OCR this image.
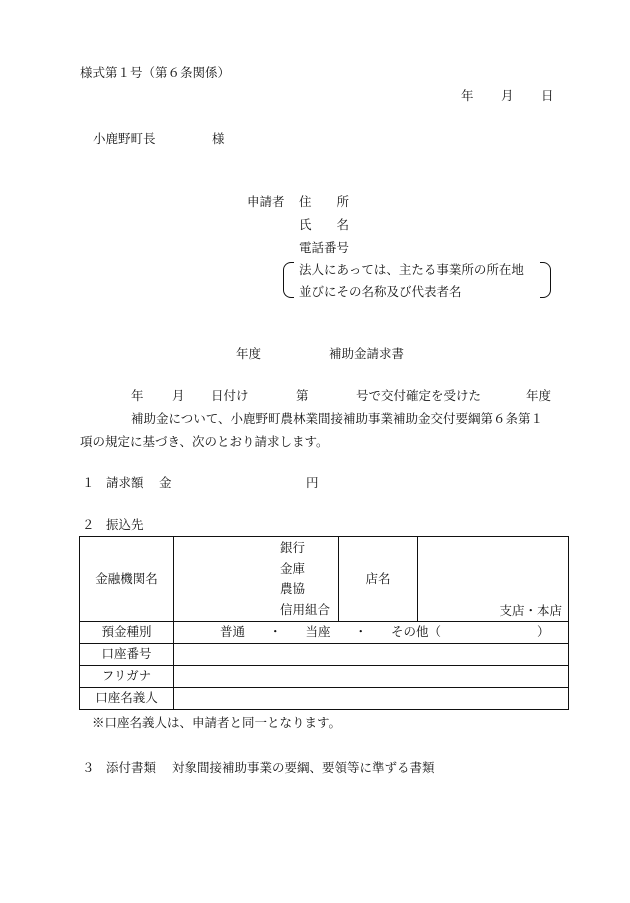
様式第１号（第６条関係）
年 月 日
小鹿野町長	様
申請者 住　　所
氏　　名
電話番号
法人にあっては、主たる事業所の所在地
並びにその名称及び代表者名
年度	補助金請求書
年 月 日付け	第	号で交付確定を受けた	年度
補助金について、小鹿野町農林業間接補助事業補助金交付要綱第６条第１
項の規定に基づき、次のとおり請求します。
１ 請求額 金	円
２ 振込先
金融機関名	銀行
金庫
農協
信用組合	店名	支店・本店

預金種別	普通 ・ 当座 ・ その他（ ）		
口座番号			
フリガナ			
口座名義人			
※口座名義人は、申請者と同一となります。
３ 添付書類 対象間接補助事業の要綱、要領等に準ずる書類
